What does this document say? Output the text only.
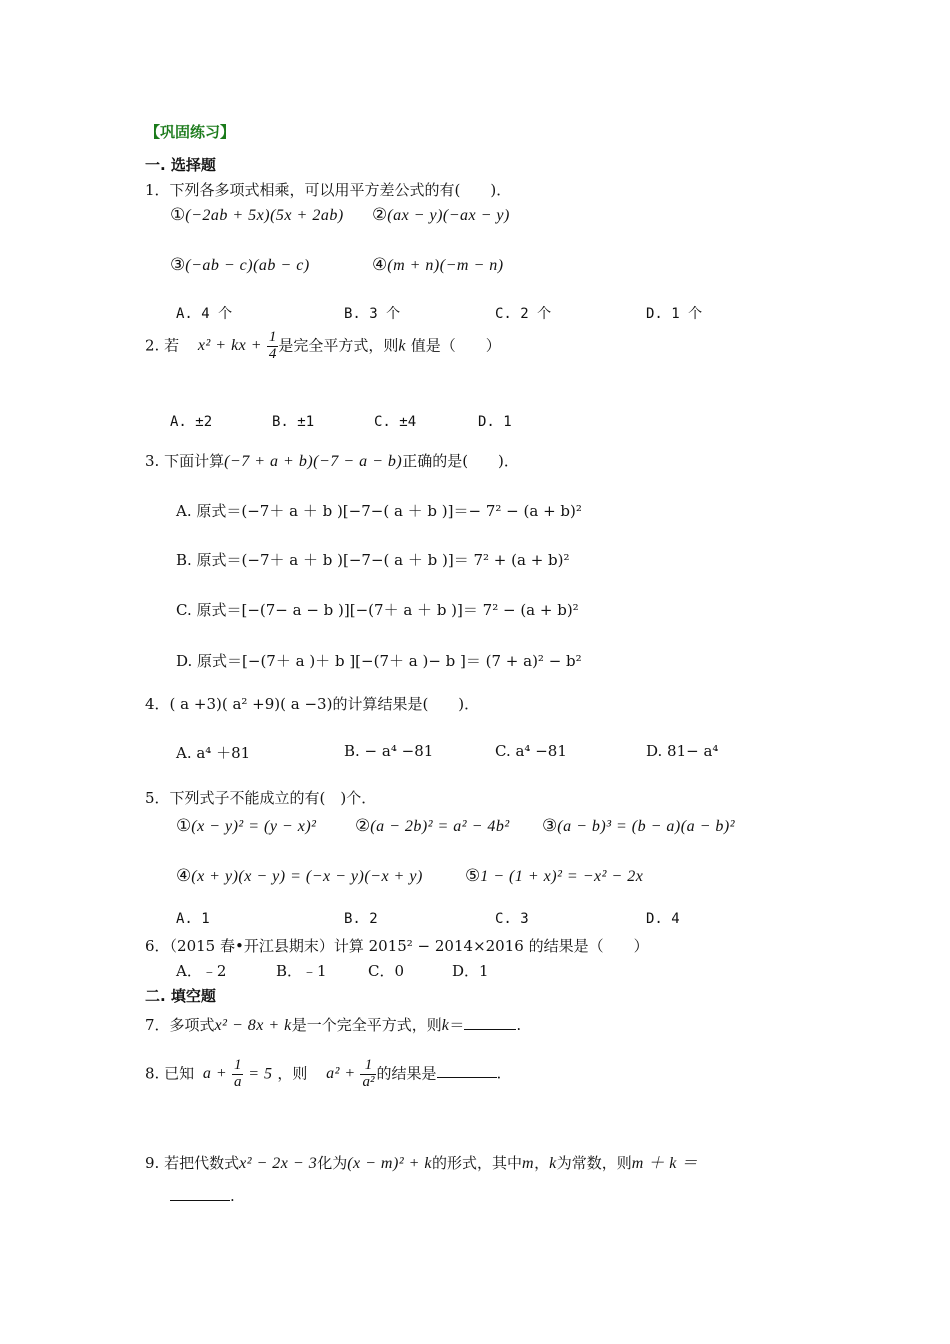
【巩固练习】
一. 选择题
1．下列各多项式相乘，可以用平方差公式的有(　　)．
①(−2ab + 5x)(5x + 2ab) ②(ax − y)(−ax − y)
③(−ab − c)(ab − c)	④(m + n)(−m − n)
A. 4 个	B. 3 个	C. 2 个	D. 1 个
2. 若 x² + kx + $\frac{1}{4}$ 是完全平方式，则k 值是（　　）
A. ±2	B. ±1	C. ±4	D. 1
3. 下面计算(−7 + a + b)(−7 − a − b)正确的是(　　)．
A. 原式＝(−7＋ a ＋ b )[−7−( a ＋ b )]＝− 7² − (a + b)²
B. 原式＝(−7＋ a ＋ b )[−7−( a ＋ b )]＝ 7² + (a + b)²
C. 原式＝[−(7− a − b )][−(7＋ a ＋ b )]＝ 7² − (a + b)²
D. 原式＝[−(7＋ a )＋ b ][−(7＋ a )− b ]＝ (7 + a)² − b²
4．( a +3)( a² +9)( a −3)的计算结果是(　　)．
A. a⁴ ＋81	B. − a⁴ −81	C. a⁴ −81	D. 81− a⁴
5．下列式子不能成立的有(　)个．
①(x − y)² = (y − x)² ②(a − 2b)² = a² − 4b² ③(a − b)³ = (b − a)(a − b)²
④(x + y)(x − y) = (−x − y)(−x + y) ⑤1 − (1 + x)² = −x² − 2x
A. 1	B. 2	C. 3	D. 4
6．（2015 春•开江县期末）计算 2015² − 2014×2016 的结果是（　　）
A．﹣2	B．﹣1	C．0	D．1
二. 填空题
7．多项式x² − 8x + k是一个完全平方式，则k＝	.
8. 已知 $a + \frac{1}{a} = 5$ ，则 $a^2 + \frac{1}{\text{a²}}$ 的结果是	.
9. 若把代数式x² − 2x − 3化为(x − m)² + k的形式，其中m，k为常数，则m ＋ k ＝
.
